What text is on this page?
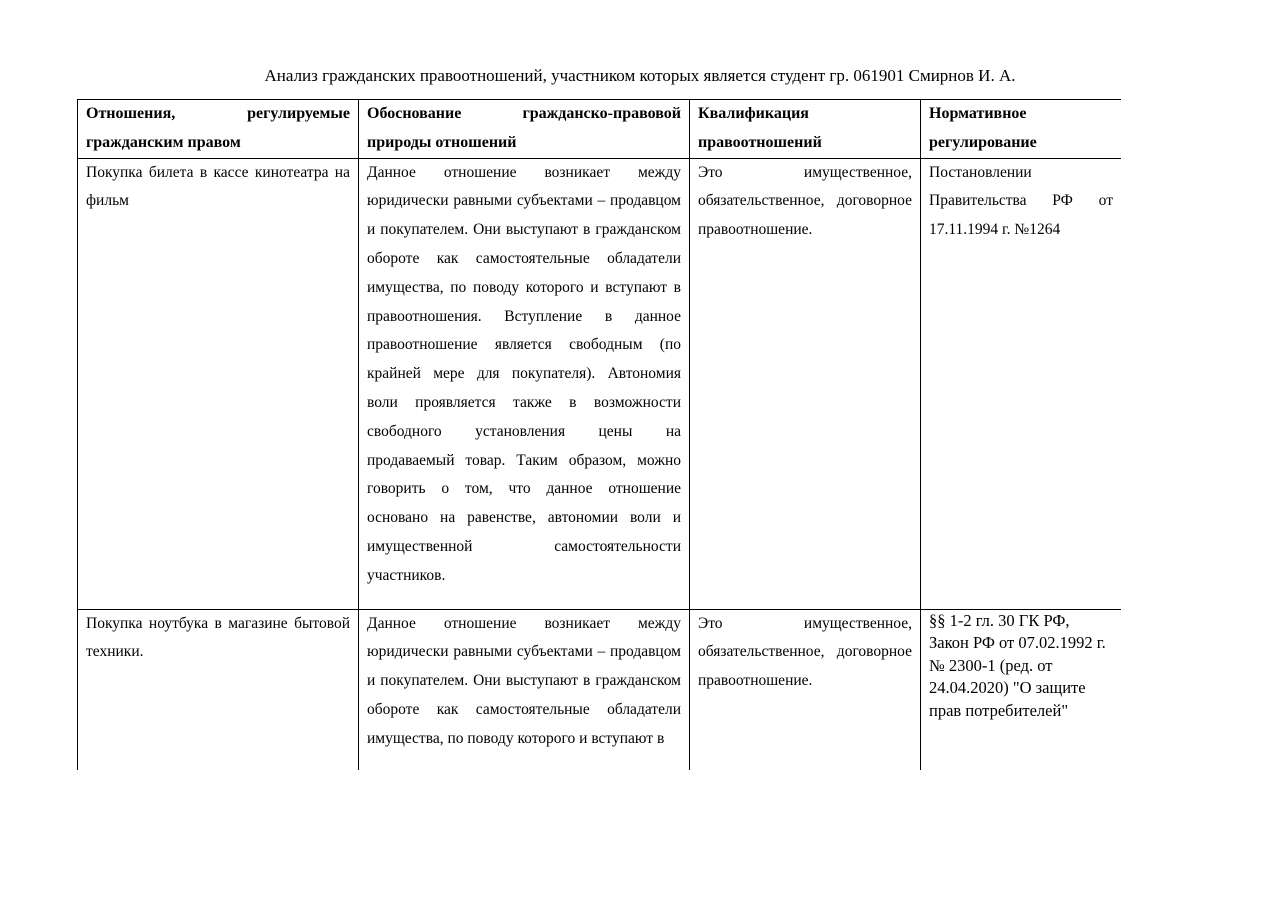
Анализ гражданских правоотношений, участником которых является студент гр. 061901 Смирнов И. А.
Отношения, регулируемые гражданским правом	Обоснование гражданско-правовой природы отношений	Квалификация правоотношений	Нормативное регулирование

Покупка билета в кассе кинотеатра на фильм	Данное отношение возникает между юридически равными субъектами – продавцом и покупателем. Они выступают в гражданском обороте как самостоятельные обладатели имущества, по поводу которого и вступают в правоотношения. Вступление в данное правоотношение является свободным (по крайней мере для покупателя). Автономия воли проявляется также в возможности свободного установления цены на продаваемый товар. Таким образом, можно говорить о том, что данное отношение основано на равенстве, автономии воли и имущественной самостоятельности участников.	Это имущественное, обязательственное, договорное правоотношение.	Постановлении Правительства РФ от 17.11.1994 г. №1264

Покупка ноутбука в магазине бытовой техники.	Данное отношение возникает между юридически равными субъектами – продавцом и покупателем. Они выступают в гражданском обороте как самостоятельные обладатели имущества, по поводу которого и вступают в	Это имущественное, обязательственное, договорное правоотношение.	§§ 1-2 гл. 30 ГК РФ, Закон РФ от 07.02.1992 г. № 2300-1 (ред. от 24.04.2020) "О защите прав потребителей"
